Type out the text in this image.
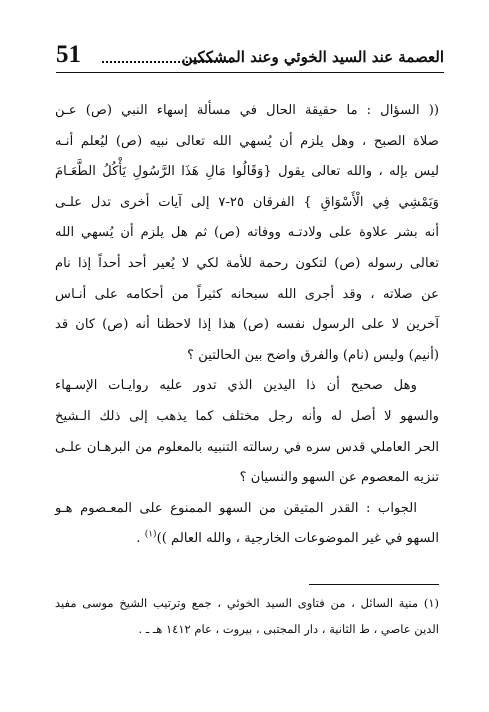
العصمة عند السيد الخوئي وعند المشككين
51
(( السؤال : ما حقيقة الحال في مسألة إسهاء النبي (ص) عـن
صلاة الصبح ، وهل يلزم أن يُسهي الله تعالى نبيه (ص) ليُعلم أنـه
ليس بإله ، والله تعالى يقول {وَقَالُوا مَالِ هَذَا الرَّسُولِ يَأْكُلُ الطَّعَـامَ
وَيَمْشِي فِي الْأَسْوَاقِ } الفرقان ٢٥-٧ إلى آيات أخرى تدل علـى
أنه بشر علاوة على ولادتـه ووفاته (ص) ثم هل يلزم أن يُسهي الله
تعالى رسوله (ص) لتكون رحمة للأمة لكي لا يُعير أحد أحداً إذا نام
عن صلاته ، وقد أجرى الله سبحانه كثيراً من أحكامه على أنـاس
آخرين لا على الرسول نفسه (ص) هذا إذا لاحظنا أنه (ص) كان قد
(أنيم) وليس (نام) والفرق واضح بين الحالتين ؟
وهل صحيح أن ذا اليدين الذي تدور عليه روايـات الإسـهاء
والسهو لا أصل له وأنه رجل مختلف كما يذهب إلى ذلك الـشيخ
الحر العاملي قدس سره في رسالته التنبيه بالمعلوم من البرهـان علـى
تنزيه المعصوم عن السهو والنسيان ؟
الجواب : القدر المتيقن من السهو الممنوع على المعـصوم هـو
السهو في غير الموضوعات الخارجية ، والله العالم ))$^{(١)}$ .
(١) منية السائل ، من فتاوى السيد الخوئي ، جمع وترتيب الشيخ موسى مفيد
الدين عاصي ، ط الثانية ، دار المجتبى ، بيروت ، عام ١٤١٢ هـ ـ .
